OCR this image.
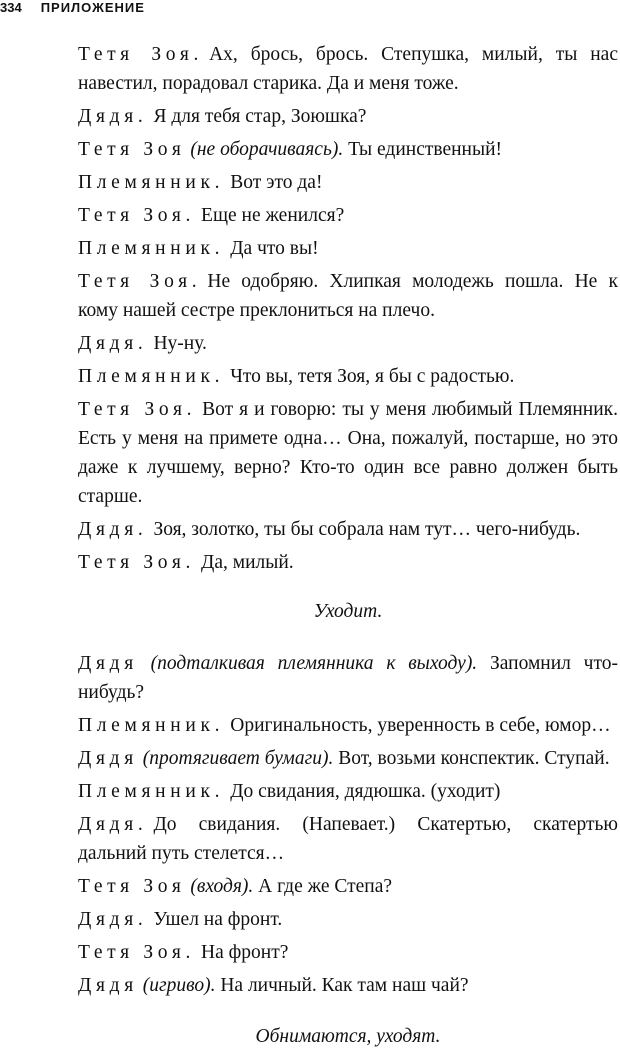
334 ПРИЛОЖЕНИЕ

Тетя Зоя. Ах, брось, брось. Степушка, милый, ты нас навестил, порадовал старика. Да и меня тоже.

Дядя. Я для тебя стар, Зоюшка?

Тетя Зоя (не оборачиваясь). Ты единственный!

Племянник. Вот это да!

Тетя Зоя. Еще не женился?

Племянник. Да что вы!

Тетя Зоя. Не одобряю. Хлипкая молодежь пошла. Не к кому нашей сестре преклониться на плечо.

Дядя. Ну-ну.

Племянник. Что вы, тетя Зоя, я бы с радостью.

Тетя Зоя. Вот я и говорю: ты у меня любимый Племянник. Есть у меня на примете одна… Она, пожалуй, постарше, но это даже к лучшему, верно? Кто-то один все равно должен быть старше.

Дядя. Зоя, золотко, ты бы собрала нам тут… чего-нибудь.

Тетя Зоя. Да, милый.

Уходит.

Дядя (подталкивая племянника к выходу). Запомнил что-нибудь?

Племянник. Оригинальность, уверенность в себе, юмор…

Дядя (протягивает бумаги). Вот, возьми конспектик. Ступай.

Племянник. До свидания, дядюшка. (уходит)

Дядя. До свидания. (Напевает.) Скатертью, скатертью дальний путь стелется…

Тетя Зоя (входя). А где же Степа?

Дядя. Ушел на фронт.

Тетя Зоя. На фронт?

Дядя (игриво). На личный. Как там наш чай?

Обнимаются, уходят.
